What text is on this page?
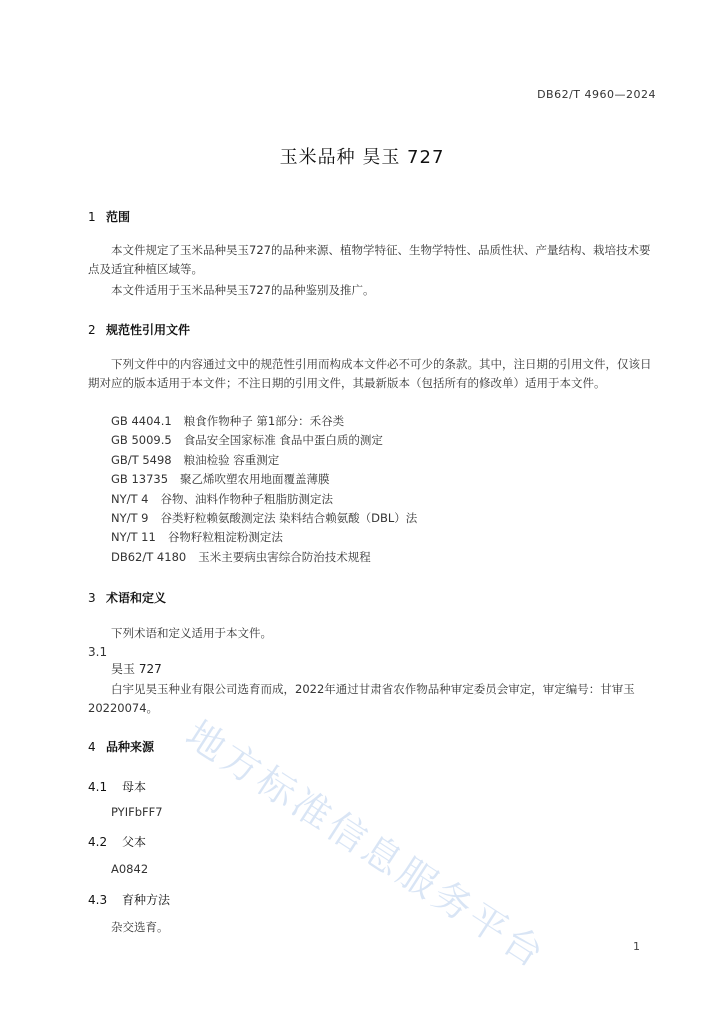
DB62/T 4960—2024
玉米品种 昊玉 727
1 范围
本文件规定了玉米品种昊玉727的品种来源、植物学特征、生物学特性、品质性状、产量结构、栽培技术要点及适宜种植区域等。
本文件适用于玉米品种昊玉727的品种鉴别及推广。
2 规范性引用文件
下列文件中的内容通过文中的规范性引用而构成本文件必不可少的条款。其中，注日期的引用文件，仅该日期对应的版本适用于本文件；不注日期的引用文件，其最新版本（包括所有的修改单）适用于本文件。
GB 4404.1 粮食作物种子 第1部分：禾谷类
GB 5009.5 食品安全国家标准 食品中蛋白质的测定
GB/T 5498 粮油检验 容重测定
GB 13735 聚乙烯吹塑农用地面覆盖薄膜
NY/T 4 谷物、油料作物种子粗脂肪测定法
NY/T 9 谷类籽粒赖氨酸测定法 染料结合赖氨酸（DBL）法
NY/T 11 谷物籽粒粗淀粉测定法
DB62/T 4180 玉米主要病虫害综合防治技术规程
3 术语和定义
下列术语和定义适用于本文件。
3.1
昊玉 727
白宇见昊玉种业有限公司选育而成，2022年通过甘肃省农作物品种审定委员会审定，审定编号：甘审玉20220074。
4 品种来源
4.1 母本
PYIFbFF7
4.2 父本
A0842
4.3 育种方法
杂交选育。
1
地方标准信息服务平台
